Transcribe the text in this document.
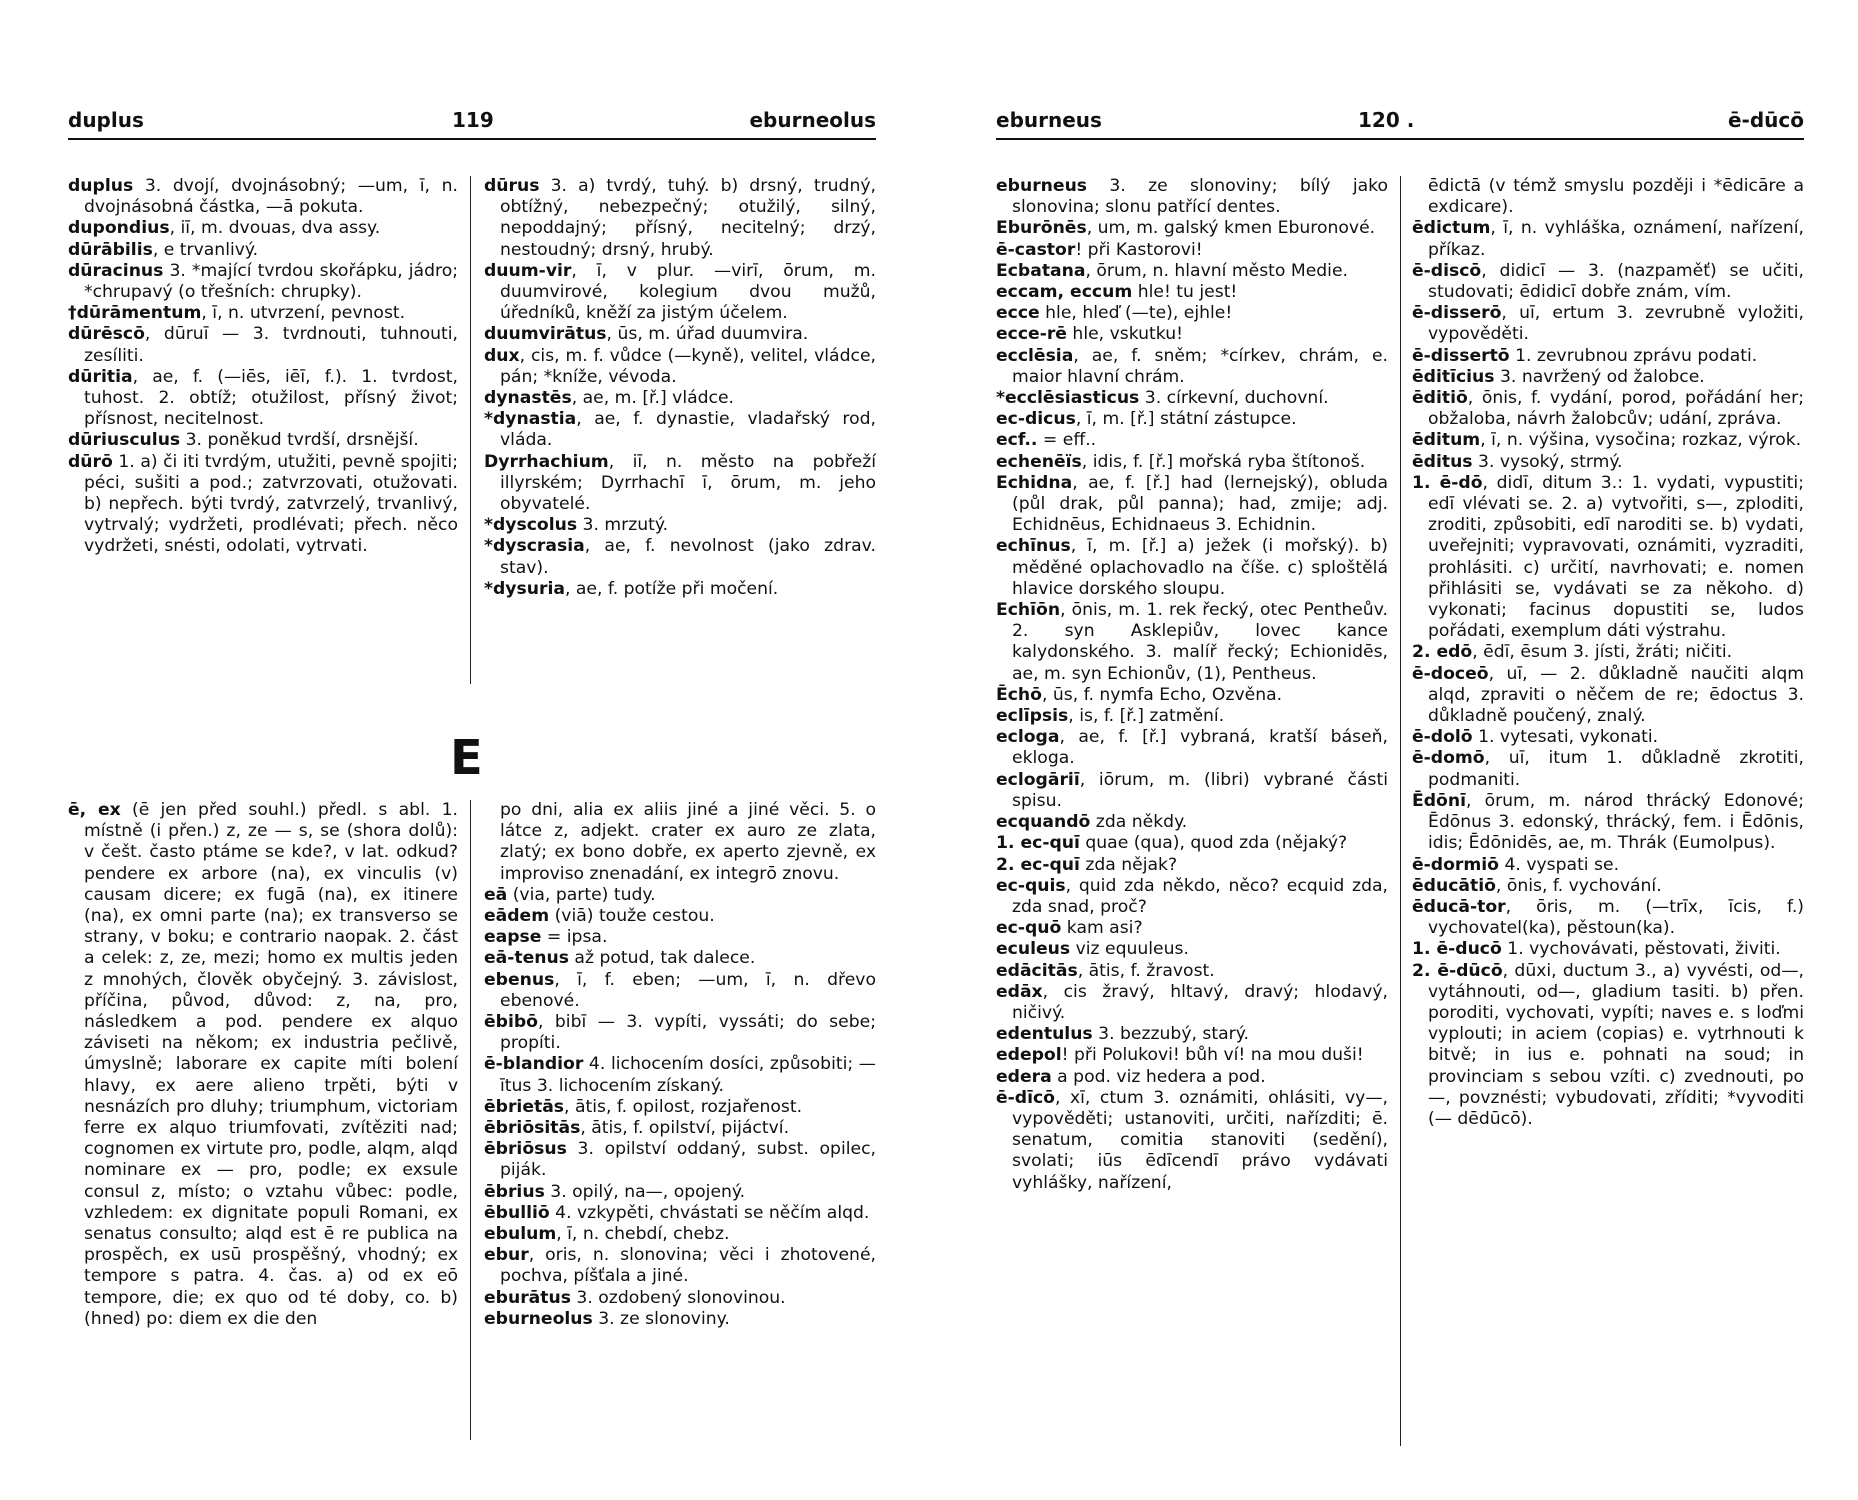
duplus	119	eburneolus

duplus 3. dvojí, dvojnásobný; —um, ī, n. dvojnásobná částka, —ā pokuta.

dupondius, iī, m. dvouas, dva assy.

dūrābilis, e trvanlivý.

dūracinus 3. *mající tvrdou skořápku, jádro; *chrupavý (o třešních: chrupky).

†dūrāmentum, ī, n. utvrzení, pevnost.

dūrēscō, dūruī — 3. tvrdnouti, tuhnouti, zesíliti.

dūritia, ae, f. (—iēs, iēī, f.). 1. tvrdost, tuhost. 2. obtíž; otužilost, přísný život; přísnost, necitelnost.

dūriusculus 3. poněkud tvrdší, drsnější.

dūrō 1. a) či iti tvrdým, utužiti, pevně spojiti; péci, sušiti a pod.; zatvrzovati, otužovati. b) nepřech. býti tvrdý, zatvrzelý, trvanlivý, vytrvalý; vydržeti, prodlévati; přech. něco vydržeti, snésti, odolati, vytrvati.

dūrus 3. a) tvrdý, tuhý. b) drsný, trudný, obtížný, nebezpečný; otužilý, silný, nepoddajný; přísný, necitelný; drzý, nestoudný; drsný, hrubý.

duum-vir, ī, v plur. —virī, ōrum, m. duumvirové, kolegium dvou mužů, úředníků, kněží za jistým účelem.

duumvirātus, ūs, m. úřad duumvira.

dux, cis, m. f. vůdce (—kyně), velitel, vládce, pán; *kníže, vévoda.

dynastēs, ae, m. [ř.] vládce.

*dynastia, ae, f. dynastie, vladařský rod, vláda.

Dyrrhachium, iī, n. město na pobřeží illyrském; Dyrrhachī ī, ōrum, m. jeho obyvatelé.

*dyscolus 3. mrzutý.

*dyscrasia, ae, f. nevolnost (jako zdrav. stav).

*dysuria, ae, f. potíže při močení.

E

ē, ex (ē jen před souhl.) předl. s abl. 1. místně (i přen.) z, ze — s, se (shora dolů): v češt. často ptáme se kde?, v lat. odkud? pendere ex arbore (na), ex vinculis (v) causam dicere; ex fugā (na), ex itinere (na), ex omni parte (na); ex transverso se strany, v boku; e contrario naopak. 2. část a celek: z, ze, mezi; homo ex multis jeden z mnohých, člověk obyčejný. 3. závislost, příčina, původ, důvod: z, na, pro, následkem a pod. pendere ex alquo záviseti na někom; ex industria pečlivě, úmyslně; laborare ex capite míti bolení hlavy, ex aere alieno trpěti, býti v nesnázích pro dluhy; triumphum, victoriam ferre ex alquo triumfovati, zvítěziti nad; cognomen ex virtute pro, podle, alqm, alqd nominare ex — pro, podle; ex exsule consul z, místo; o vztahu vůbec: podle, vzhledem: ex dignitate populi Romani, ex senatus consulto; alqd est ē re publica na prospěch, ex usū prospěšný, vhodný; ex tempore s patra. 4. čas. a) od ex eō tempore, die; ex quo od té doby, co. b) (hned) po: diem ex die den

po dni, alia ex aliis jiné a jiné věci. 5. o látce z, adjekt. crater ex auro ze zlata, zlatý; ex bono dobře, ex aperto zjevně, ex improviso znenadání, ex integrō znovu.

eā (via, parte) tudy.

eādem (viā) touže cestou.

eapse = ipsa.

eā-tenus až potud, tak dalece.

ebenus, ī, f. eben; —um, ī, n. dřevo ebenové.

ēbibō, bibī — 3. vypíti, vyssáti; do sebe; propíti.

ē-blandior 4. lichocením dosíci, způsobiti; —ītus 3. lichocením získaný.

ēbrietās, ātis, f. opilost, rozjařenost.

ēbriōsitās, ātis, f. opilství, pijáctví.

ēbriōsus 3. opilství oddaný, subst. opilec, piják.

ēbrius 3. opilý, na—, opojený.

ēbulliō 4. vzkypěti, chvástati se něčím alqd.

ebulum, ī, n. chebdí, chebz.

ebur, oris, n. slonovina; věci i zhotovené, pochva, píšťala a jiné.

eburātus 3. ozdobený slonovinou.

eburneolus 3. ze slonoviny.

eburneus	120 .	ē-dūcō

eburneus 3. ze slonoviny; bílý jako slonovina; slonu patřící dentes.

Eburōnēs, um, m. galský kmen Eburonové.

ē-castor! při Kastorovi!

Ecbatana, ōrum, n. hlavní město Medie.

eccam, eccum hle! tu jest!

ecce hle, hleď (—te), ejhle!

ecce-rē hle, vskutku!

ecclēsia, ae, f. sněm; *církev, chrám, e. maior hlavní chrám.

*ecclēsiasticus 3. církevní, duchovní.

ec-dicus, ī, m. [ř.] státní zástupce.

ecf.. = eff..

echenēïs, idis, f. [ř.] mořská ryba štítonoš.

Echidna, ae, f. [ř.] had (lernejský), obluda (půl drak, půl panna); had, zmije; adj. Echidnēus, Echidnaeus 3. Echidnin.

echīnus, ī, m. [ř.] a) ježek (i mořský). b) měděné oplachovadlo na číše. c) sploštělá hlavice dorského sloupu.

Echīōn, ōnis, m. 1. rek řecký, otec Pentheův. 2. syn Asklepiův, lovec kance kalydonského. 3. malíř řecký; Echionidēs, ae, m. syn Echionův, (1), Pentheus.

Ēchō, ūs, f. nymfa Echo, Ozvěna.

eclīpsis, is, f. [ř.] zatmění.

ecloga, ae, f. [ř.] vybraná, kratší báseň, ekloga.

eclogāriī, iōrum, m. (libri) vybrané části spisu.

ecquandō zda někdy.

1. ec-quī quae (qua), quod zda (nějaký?

2. ec-quī zda nějak?

ec-quis, quid zda někdo, něco? ecquid zda, zda snad, proč?

ec-quō kam asi?

eculeus viz equuleus.

edācitās, ātis, f. žravost.

edāx, cis žravý, hltavý, dravý; hlodavý, ničivý.

edentulus 3. bezzubý, starý.

edepol! při Polukovi! bůh ví! na mou duši!

edera a pod. viz hedera a pod.

ē-dīcō, xī, ctum 3. oznámiti, ohlásiti, vy—, vypověděti; ustanoviti, určiti, nařízditi; ē. senatum, comitia stanoviti (sedění), svolati; iūs ēdīcendī právo vydávati vyhlášky, nařízení,

ēdictā (v témž smyslu později i *ēdicāre a exdicare).

ēdictum, ī, n. vyhláška, oznámení, nařízení, příkaz.

ē-discō, didicī — 3. (nazpaměť) se učiti, studovati; ēdidicī dobře znám, vím.

ē-disserō, uī, ertum 3. zevrubně vyložiti, vypověděti.

ē-dissertō 1. zevrubnou zprávu podati.

ēditīcius 3. navržený od žalobce.

ēditiō, ōnis, f. vydání, porod, pořádání her; obžaloba, návrh žalobcův; udání, zpráva.

ēditum, ī, n. výšina, vysočina; rozkaz, výrok.

ēditus 3. vysoký, strmý.

1. ē-dō, didī, ditum 3.: 1. vydati, vypustiti; edī vlévati se. 2. a) vytvořiti, s—, zploditi, zroditi, způsobiti, edī naroditi se. b) vydati, uveřejniti; vypravovati, oznámiti, vyzraditi, prohlásiti. c) určití, navrhovati; e. nomen přihlásiti se, vydávati se za někoho. d) vykonati; facinus dopustiti se, ludos pořádati, exemplum dáti výstrahu.

2. edō, ēdī, ēsum 3. jísti, žráti; ničiti.

ē-doceō, uī, — 2. důkladně naučiti alqm alqd, zpraviti o něčem de re; ēdoctus 3. důkladně poučený, znalý.

ē-dolō 1. vytesati, vykonati.

ē-domō, uī, itum 1. důkladně zkrotiti, podmaniti.

Ēdōnī, ōrum, m. národ thrácký Edonové; Ēdōnus 3. edonský, thrácký, fem. i Ēdōnis, idis; Ēdōnidēs, ae, m. Thrák (Eumolpus).

ē-dormiō 4. vyspati se.

ēducātiō, ōnis, f. vychování.

ēducā-tor, ōris, m. (—trīx, īcis, f.) vychovatel(ka), pěstoun(ka).

1. ē-ducō 1. vychovávati, pěstovati, živiti.

2. ē-dūcō, dūxi, ductum 3., a) vyvésti, od—, vytáhnouti, od—, gladium tasiti. b) přen. poroditi, vychovati, vypíti; naves e. s loďmi vyplouti; in aciem (copias) e. vytrhnouti k bitvě; in ius e. pohnati na soud; in provinciam s sebou vzíti. c) zvednouti, po—, povznésti; vybudovati, zříditi; *vyvoditi (— dēdūcō).
